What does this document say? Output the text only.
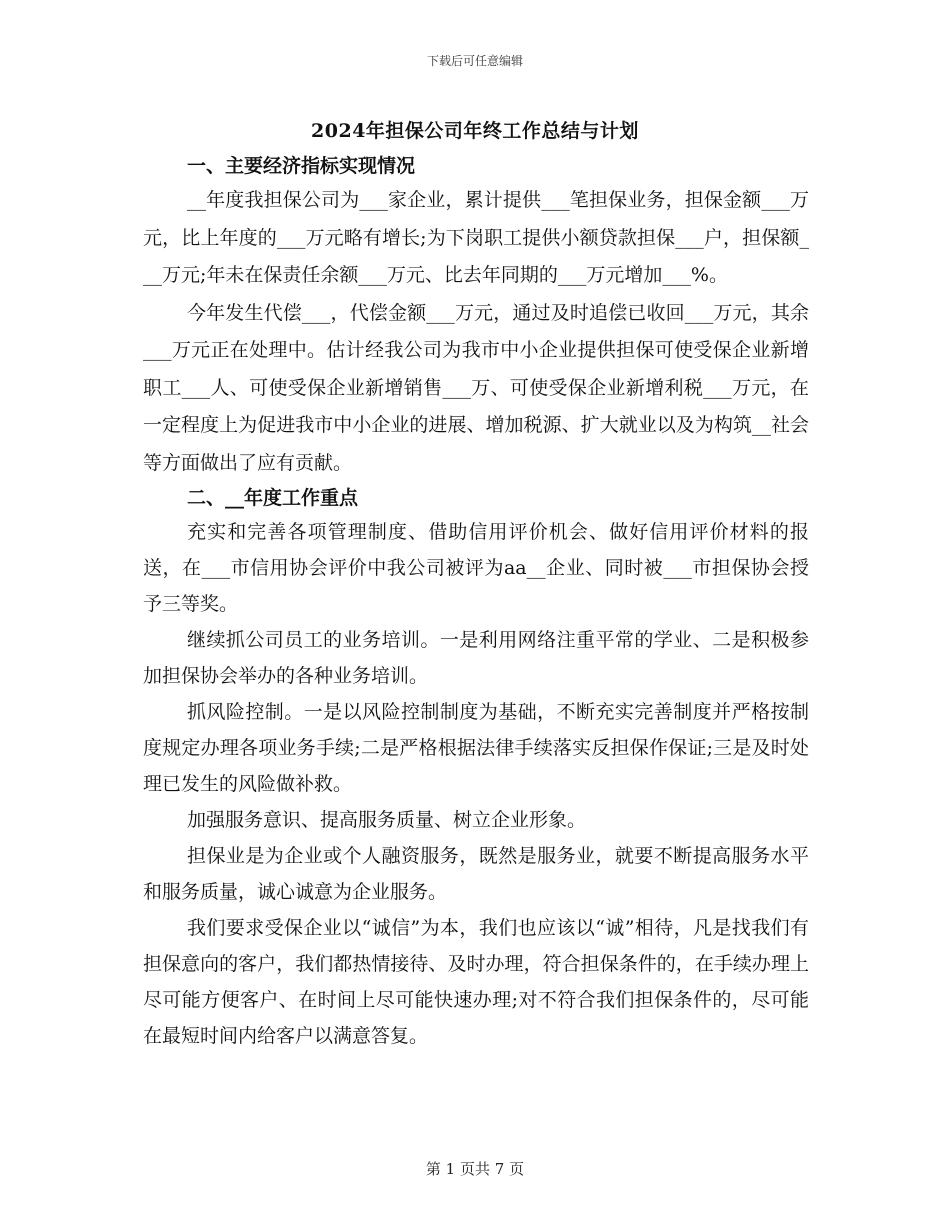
下载后可任意编辑
2024年担保公司年终工作总结与计划
一、主要经济指标实现情况

__年度我担保公司为___家企业，累计提供___笔担保业务，担保金额___万元，比上年度的___万元略有增长;为下岗职工提供小额贷款担保___户，担保额___万元;年未在保责任余额___万元、比去年同期的___万元增加___%。

今年发生代偿___，代偿金额___万元，通过及时追偿已收回___万元，其余___万元正在处理中。估计经我公司为我市中小企业提供担保可使受保企业新增职工___人、可使受保企业新增销售___万、可使受保企业新增利税___万元，在一定程度上为促进我市中小企业的进展、增加税源、扩大就业以及为构筑__社会等方面做出了应有贡献。

二、__年度工作重点

充实和完善各项管理制度、借助信用评价机会、做好信用评价材料的报送，在___市信用协会评价中我公司被评为aa__企业、同时被___市担保协会授予三等奖。

继续抓公司员工的业务培训。一是利用网络注重平常的学业、二是积极参加担保协会举办的各种业务培训。

抓风险控制。一是以风险控制制度为基础，不断充实完善制度并严格按制度规定办理各项业务手续;二是严格根据法律手续落实反担保作保证;三是及时处理已发生的风险做补救。

加强服务意识、提高服务质量、树立企业形象。

担保业是为企业或个人融资服务，既然是服务业，就要不断提高服务水平和服务质量，诚心诚意为企业服务。

我们要求受保企业以“诚信”为本，我们也应该以“诚”相待，凡是找我们有担保意向的客户，我们都热情接待、及时办理，符合担保条件的，在手续办理上尽可能方便客户、在时间上尽可能快速办理;对不符合我们担保条件的，尽可能在最短时间内给客户以满意答复。

第 1 页共 7 页
